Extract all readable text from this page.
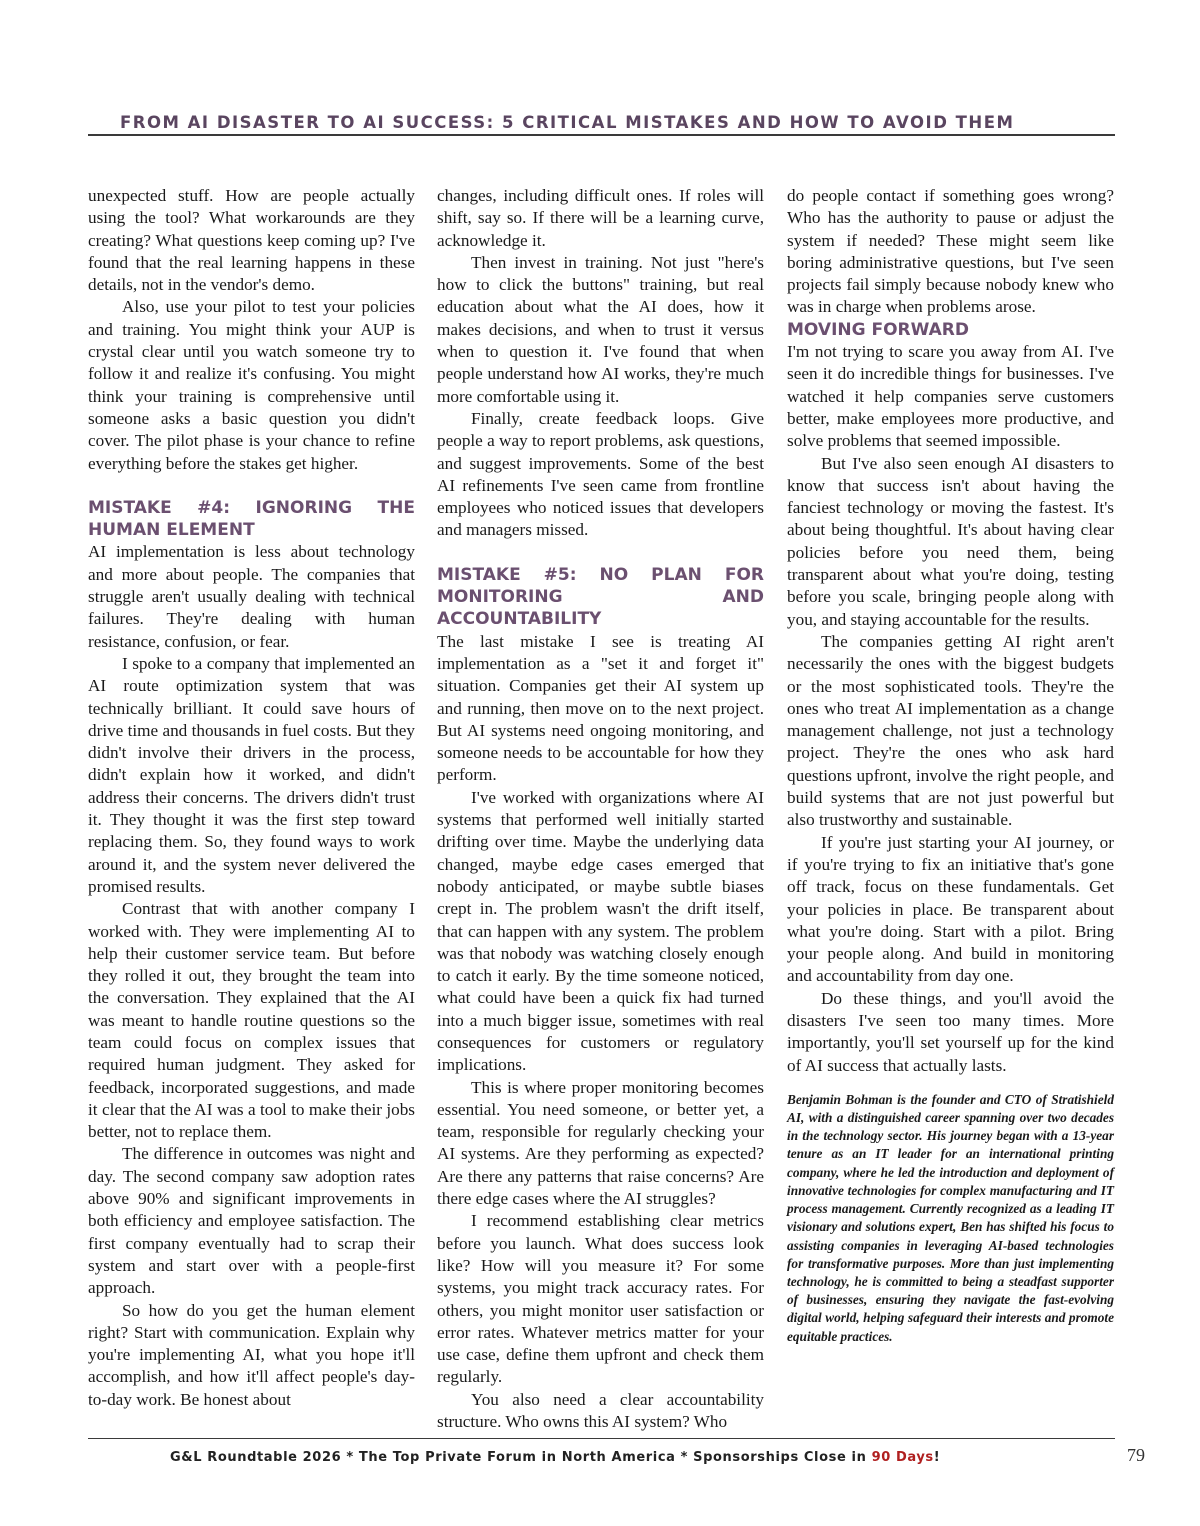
FROM AI DISASTER TO AI SUCCESS: 5 CRITICAL MISTAKES AND HOW TO AVOID THEM

unexpected stuff. How are people actually using the tool? What workarounds are they creating? What questions keep coming up? I've found that the real learning happens in these details, not in the vendor's demo.

Also, use your pilot to test your policies and training. You might think your AUP is crystal clear until you watch someone try to follow it and realize it's confusing. You might think your training is comprehensive until someone asks a basic question you didn't cover. The pilot phase is your chance to refine everything before the stakes get higher.

MISTAKE #4: IGNORING THE HUMAN ELEMENT

AI implementation is less about technology and more about people. The companies that struggle aren't usually dealing with technical failures. They're dealing with human resistance, confusion, or fear.

I spoke to a company that implemented an AI route optimization system that was technically brilliant. It could save hours of drive time and thousands in fuel costs. But they didn't involve their drivers in the process, didn't explain how it worked, and didn't address their concerns. The drivers didn't trust it. They thought it was the first step toward replacing them. So, they found ways to work around it, and the system never delivered the promised results.

Contrast that with another company I worked with. They were implementing AI to help their customer service team. But before they rolled it out, they brought the team into the conversation. They explained that the AI was meant to handle routine questions so the team could focus on complex issues that required human judgment. They asked for feedback, incorporated suggestions, and made it clear that the AI was a tool to make their jobs better, not to replace them.

The difference in outcomes was night and day. The second company saw adoption rates above 90% and significant improvements in both efficiency and employee satisfaction. The first company eventually had to scrap their system and start over with a people-first approach.

So how do you get the human element right? Start with communication. Explain why you're implementing AI, what you hope it'll accomplish, and how it'll affect people's day-to-day work. Be honest about

changes, including difficult ones. If roles will shift, say so. If there will be a learning curve, acknowledge it.

Then invest in training. Not just "here's how to click the buttons" training, but real education about what the AI does, how it makes decisions, and when to trust it versus when to question it. I've found that when people understand how AI works, they're much more comfortable using it.

Finally, create feedback loops. Give people a way to report problems, ask questions, and suggest improvements. Some of the best AI refinements I've seen came from frontline employees who noticed issues that developers and managers missed.

MISTAKE #5: NO PLAN FOR MONITORING AND ACCOUNTABILITY

The last mistake I see is treating AI implementation as a "set it and forget it" situation. Companies get their AI system up and running, then move on to the next project. But AI systems need ongoing monitoring, and someone needs to be accountable for how they perform.

I've worked with organizations where AI systems that performed well initially started drifting over time. Maybe the underlying data changed, maybe edge cases emerged that nobody anticipated, or maybe subtle biases crept in. The problem wasn't the drift itself, that can happen with any system. The problem was that nobody was watching closely enough to catch it early. By the time someone noticed, what could have been a quick fix had turned into a much bigger issue, sometimes with real consequences for customers or regulatory implications.

This is where proper monitoring becomes essential. You need someone, or better yet, a team, responsible for regularly checking your AI systems. Are they performing as expected? Are there any patterns that raise concerns? Are there edge cases where the AI struggles?

I recommend establishing clear metrics before you launch. What does success look like? How will you measure it? For some systems, you might track accuracy rates. For others, you might monitor user satisfaction or error rates. Whatever metrics matter for your use case, define them upfront and check them regularly.

You also need a clear accountability structure. Who owns this AI system? Who

do people contact if something goes wrong? Who has the authority to pause or adjust the system if needed? These might seem like boring administrative questions, but I've seen projects fail simply because nobody knew who was in charge when problems arose.

MOVING FORWARD

I'm not trying to scare you away from AI. I've seen it do incredible things for businesses. I've watched it help companies serve customers better, make employees more productive, and solve problems that seemed impossible.

But I've also seen enough AI disasters to know that success isn't about having the fanciest technology or moving the fastest. It's about being thoughtful. It's about having clear policies before you need them, being transparent about what you're doing, testing before you scale, bringing people along with you, and staying accountable for the results.

The companies getting AI right aren't necessarily the ones with the biggest budgets or the most sophisticated tools. They're the ones who treat AI implementation as a change management challenge, not just a technology project. They're the ones who ask hard questions upfront, involve the right people, and build systems that are not just powerful but also trustworthy and sustainable.

If you're just starting your AI journey, or if you're trying to fix an initiative that's gone off track, focus on these fundamentals. Get your policies in place. Be transparent about what you're doing. Start with a pilot. Bring your people along. And build in monitoring and accountability from day one.

Do these things, and you'll avoid the disasters I've seen too many times. More importantly, you'll set yourself up for the kind of AI success that actually lasts.

Benjamin Bohman is the founder and CTO of Stratishield AI, with a distinguished career spanning over two decades in the technology sector. His journey began with a 13-year tenure as an IT leader for an international printing company, where he led the introduction and deployment of innovative technologies for complex manufacturing and IT process management. Currently recognized as a leading IT visionary and solutions expert, Ben has shifted his focus to assisting companies in leveraging AI-based technologies for transformative purposes. More than just implementing technology, he is committed to being a steadfast supporter of businesses, ensuring they navigate the fast-evolving digital world, helping safeguard their interests and promote equitable practices.

G&L Roundtable 2026 * The Top Private Forum in North America * Sponsorships Close in 90 Days!	79
